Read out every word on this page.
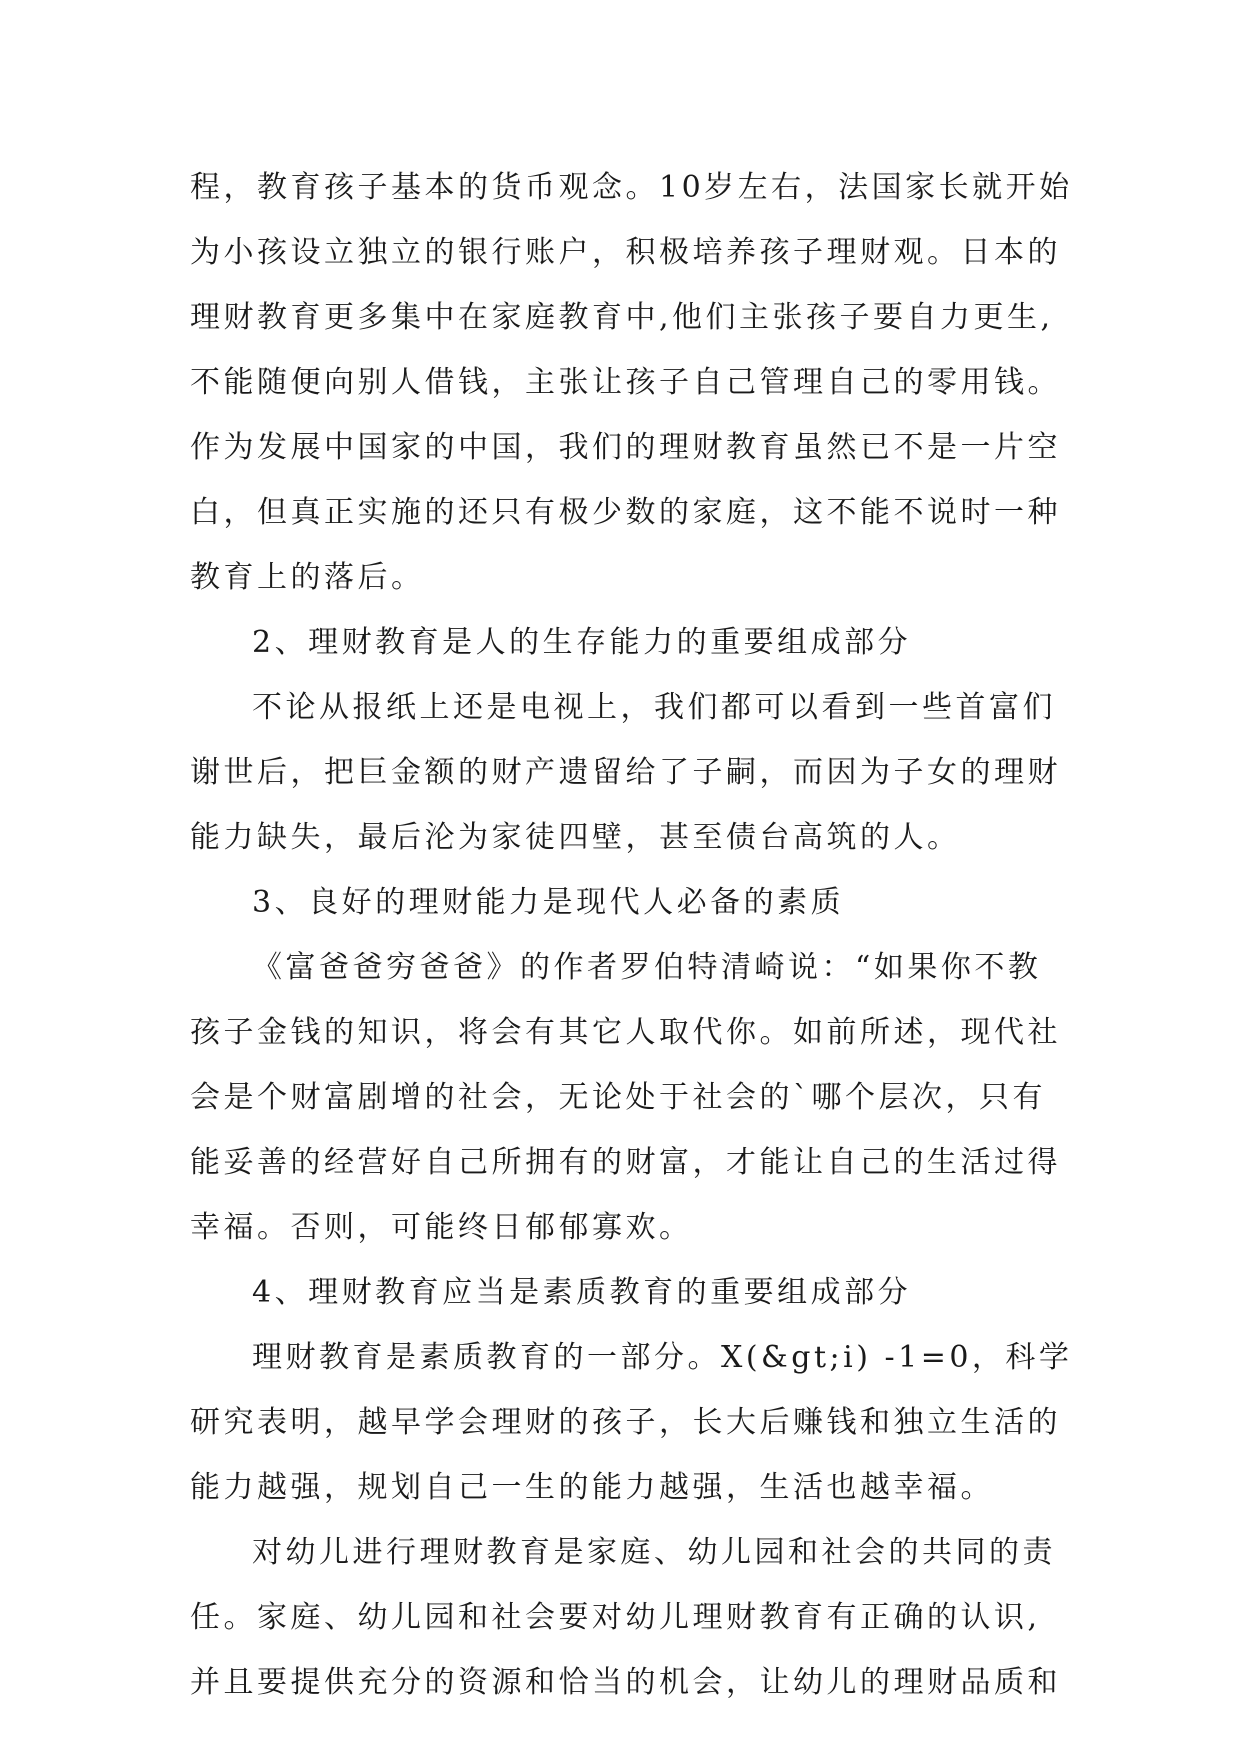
程，教育孩子基本的货币观念。10岁左右，法国家长就开始
为小孩设立独立的银行账户，积极培养孩子理财观。日本的
理财教育更多集中在家庭教育中,他们主张孩子要自力更生,
不能随便向别人借钱，主张让孩子自己管理自己的零用钱。
作为发展中国家的中国，我们的理财教育虽然已不是一片空
白，但真正实施的还只有极少数的家庭，这不能不说时一种
教育上的落后。
2、理财教育是人的生存能力的重要组成部分
不论从报纸上还是电视上，我们都可以看到一些首富们
谢世后，把巨金额的财产遗留给了子嗣，而因为子女的理财
能力缺失，最后沦为家徒四壁，甚至债台高筑的人。
3、良好的理财能力是现代人必备的素质
《富爸爸穷爸爸》的作者罗伯特清崎说：“如果你不教
孩子金钱的知识，将会有其它人取代你。如前所述，现代社
会是个财富剧增的社会，无论处于社会的`哪个层次，只有
能妥善的经营好自己所拥有的财富，才能让自己的生活过得
幸福。否则，可能终日郁郁寡欢。
4、理财教育应当是素质教育的重要组成部分
理财教育是素质教育的一部分。X(&gt;i) -1=0，科学
研究表明，越早学会理财的孩子，长大后赚钱和独立生活的
能力越强，规划自己一生的能力越强，生活也越幸福。
对幼儿进行理财教育是家庭、幼儿园和社会的共同的责
任。家庭、幼儿园和社会要对幼儿理财教育有正确的认识,
并且要提供充分的资源和恰当的机会，让幼儿的理财品质和
